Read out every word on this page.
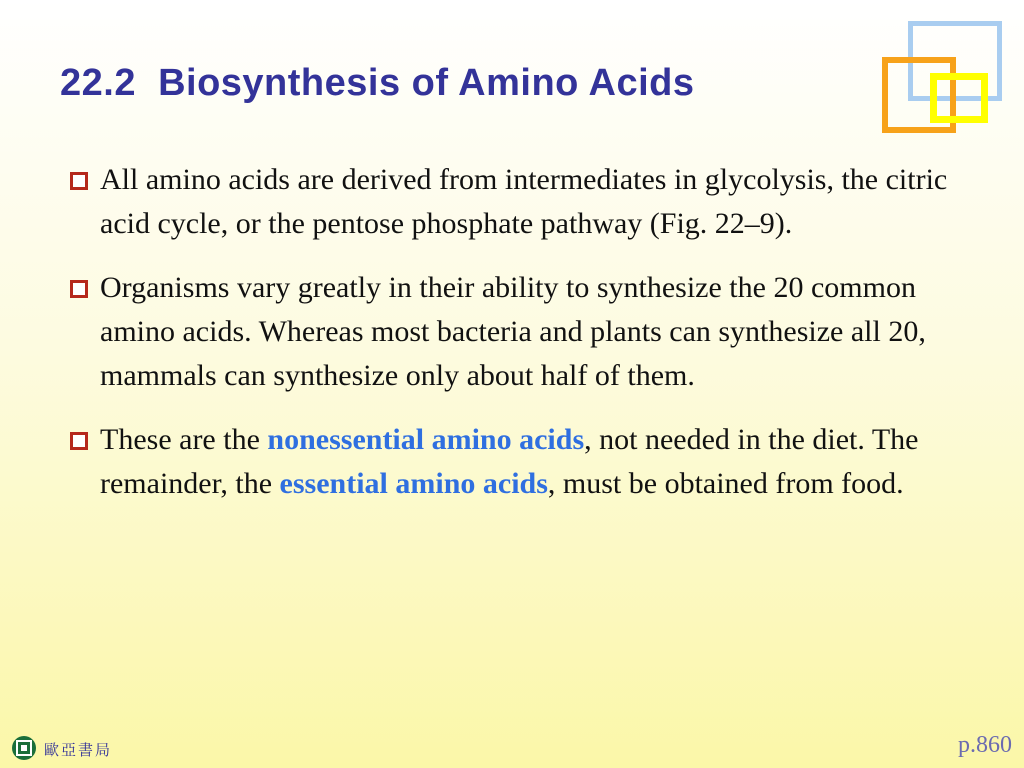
22.2  Biosynthesis of Amino Acids
All amino acids are derived from intermediates in glycolysis, the citric acid cycle, or the pentose phosphate pathway (Fig. 22–9).
Organisms vary greatly in their ability to synthesize the 20 common amino acids. Whereas most bacteria and plants can synthesize all 20, mammals can synthesize only about half of them.
These are the nonessential amino acids, not needed in the diet. The remainder, the essential amino acids, must be obtained from food.
歐亞書局	p.860
